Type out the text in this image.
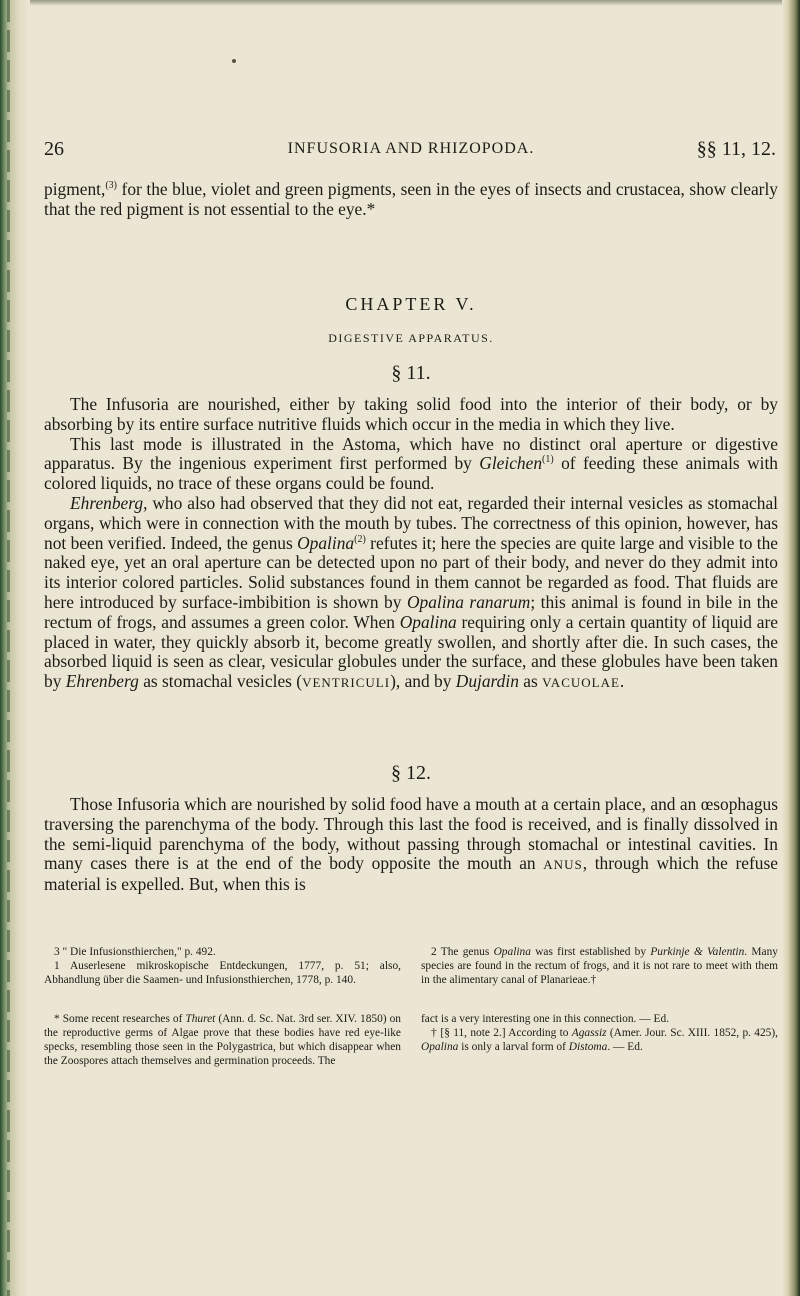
INFUSORIA AND RHIZOPODA.
26	§§ 11, 12.

pigment,$^{(3)}$ for the blue, violet and green pigments, seen in the eyes of insects and crustacea, show clearly that the red pigment is not essential to the eye.*

CHAPTER V.
DIGESTIVE APPARATUS.
§ 11.

The Infusoria are nourished, either by taking solid food into the interior of their body, or by absorbing by its entire surface nutritive fluids which occur in the media in which they live.

This last mode is illustrated in the Astoma, which have no distinct oral aperture or digestive apparatus. By the ingenious experiment first performed by Gleichen$^{(1)}$ of feeding these animals with colored liquids, no trace of these organs could be found.

Ehrenberg, who also had observed that they did not eat, regarded their internal vesicles as stomachal organs, which were in connection with the mouth by tubes. The correctness of this opinion, however, has not been verified. Indeed, the genus Opalina$^{(2)}$ refutes it; here the species are quite large and visible to the naked eye, yet an oral aperture can be detected upon no part of their body, and never do they admit into its interior colored particles. Solid substances found in them cannot be regarded as food. That fluids are here introduced by surface-imbibition is shown by Opalina ranarum; this animal is found in bile in the rectum of frogs, and assumes a green color. When Opalina requiring only a certain quantity of liquid are placed in water, they quickly absorb it, become greatly swollen, and shortly after die. In such cases, the absorbed liquid is seen as clear, vesicular globules under the surface, and these globules have been taken by Ehrenberg as stomachal vesicles (VENTRICULI), and by Dujardin as VACUOLAE.

§ 12.

Those Infusoria which are nourished by solid food have a mouth at a certain place, and an œsophagus traversing the parenchyma of the body. Through this last the food is received, and is finally dissolved in the semi-liquid parenchyma of the body, without passing through stomachal or intestinal cavities. In many cases there is at the end of the body opposite the mouth an ANUS, through which the refuse material is expelled. But, when this is

3 " Die Infusionsthierchen," p. 492.

1 Auserlesene mikroskopische Entdeckungen, 1777, p. 51; also, Abhandlung über die Saamen- und Infusionsthierchen, 1778, p. 140.

2 The genus Opalina was first established by Purkinje & Valentin. Many species are found in the rectum of frogs, and it is not rare to meet with them in the alimentary canal of Planarieae.†

* Some recent researches of Thuret (Ann. d. Sc. Nat. 3rd ser. XIV. 1850) on the reproductive germs of Algae prove that these bodies have red eye-like specks, resembling those seen in the Polygastrica, but which disappear when the Zoospores attach themselves and germination proceeds. The

fact is a very interesting one in this connection. — Ed.

† [§ 11, note 2.] According to Agassiz (Amer. Jour. Sc. XIII. 1852, p. 425), Opalina is only a larval form of Distoma. — Ed.
